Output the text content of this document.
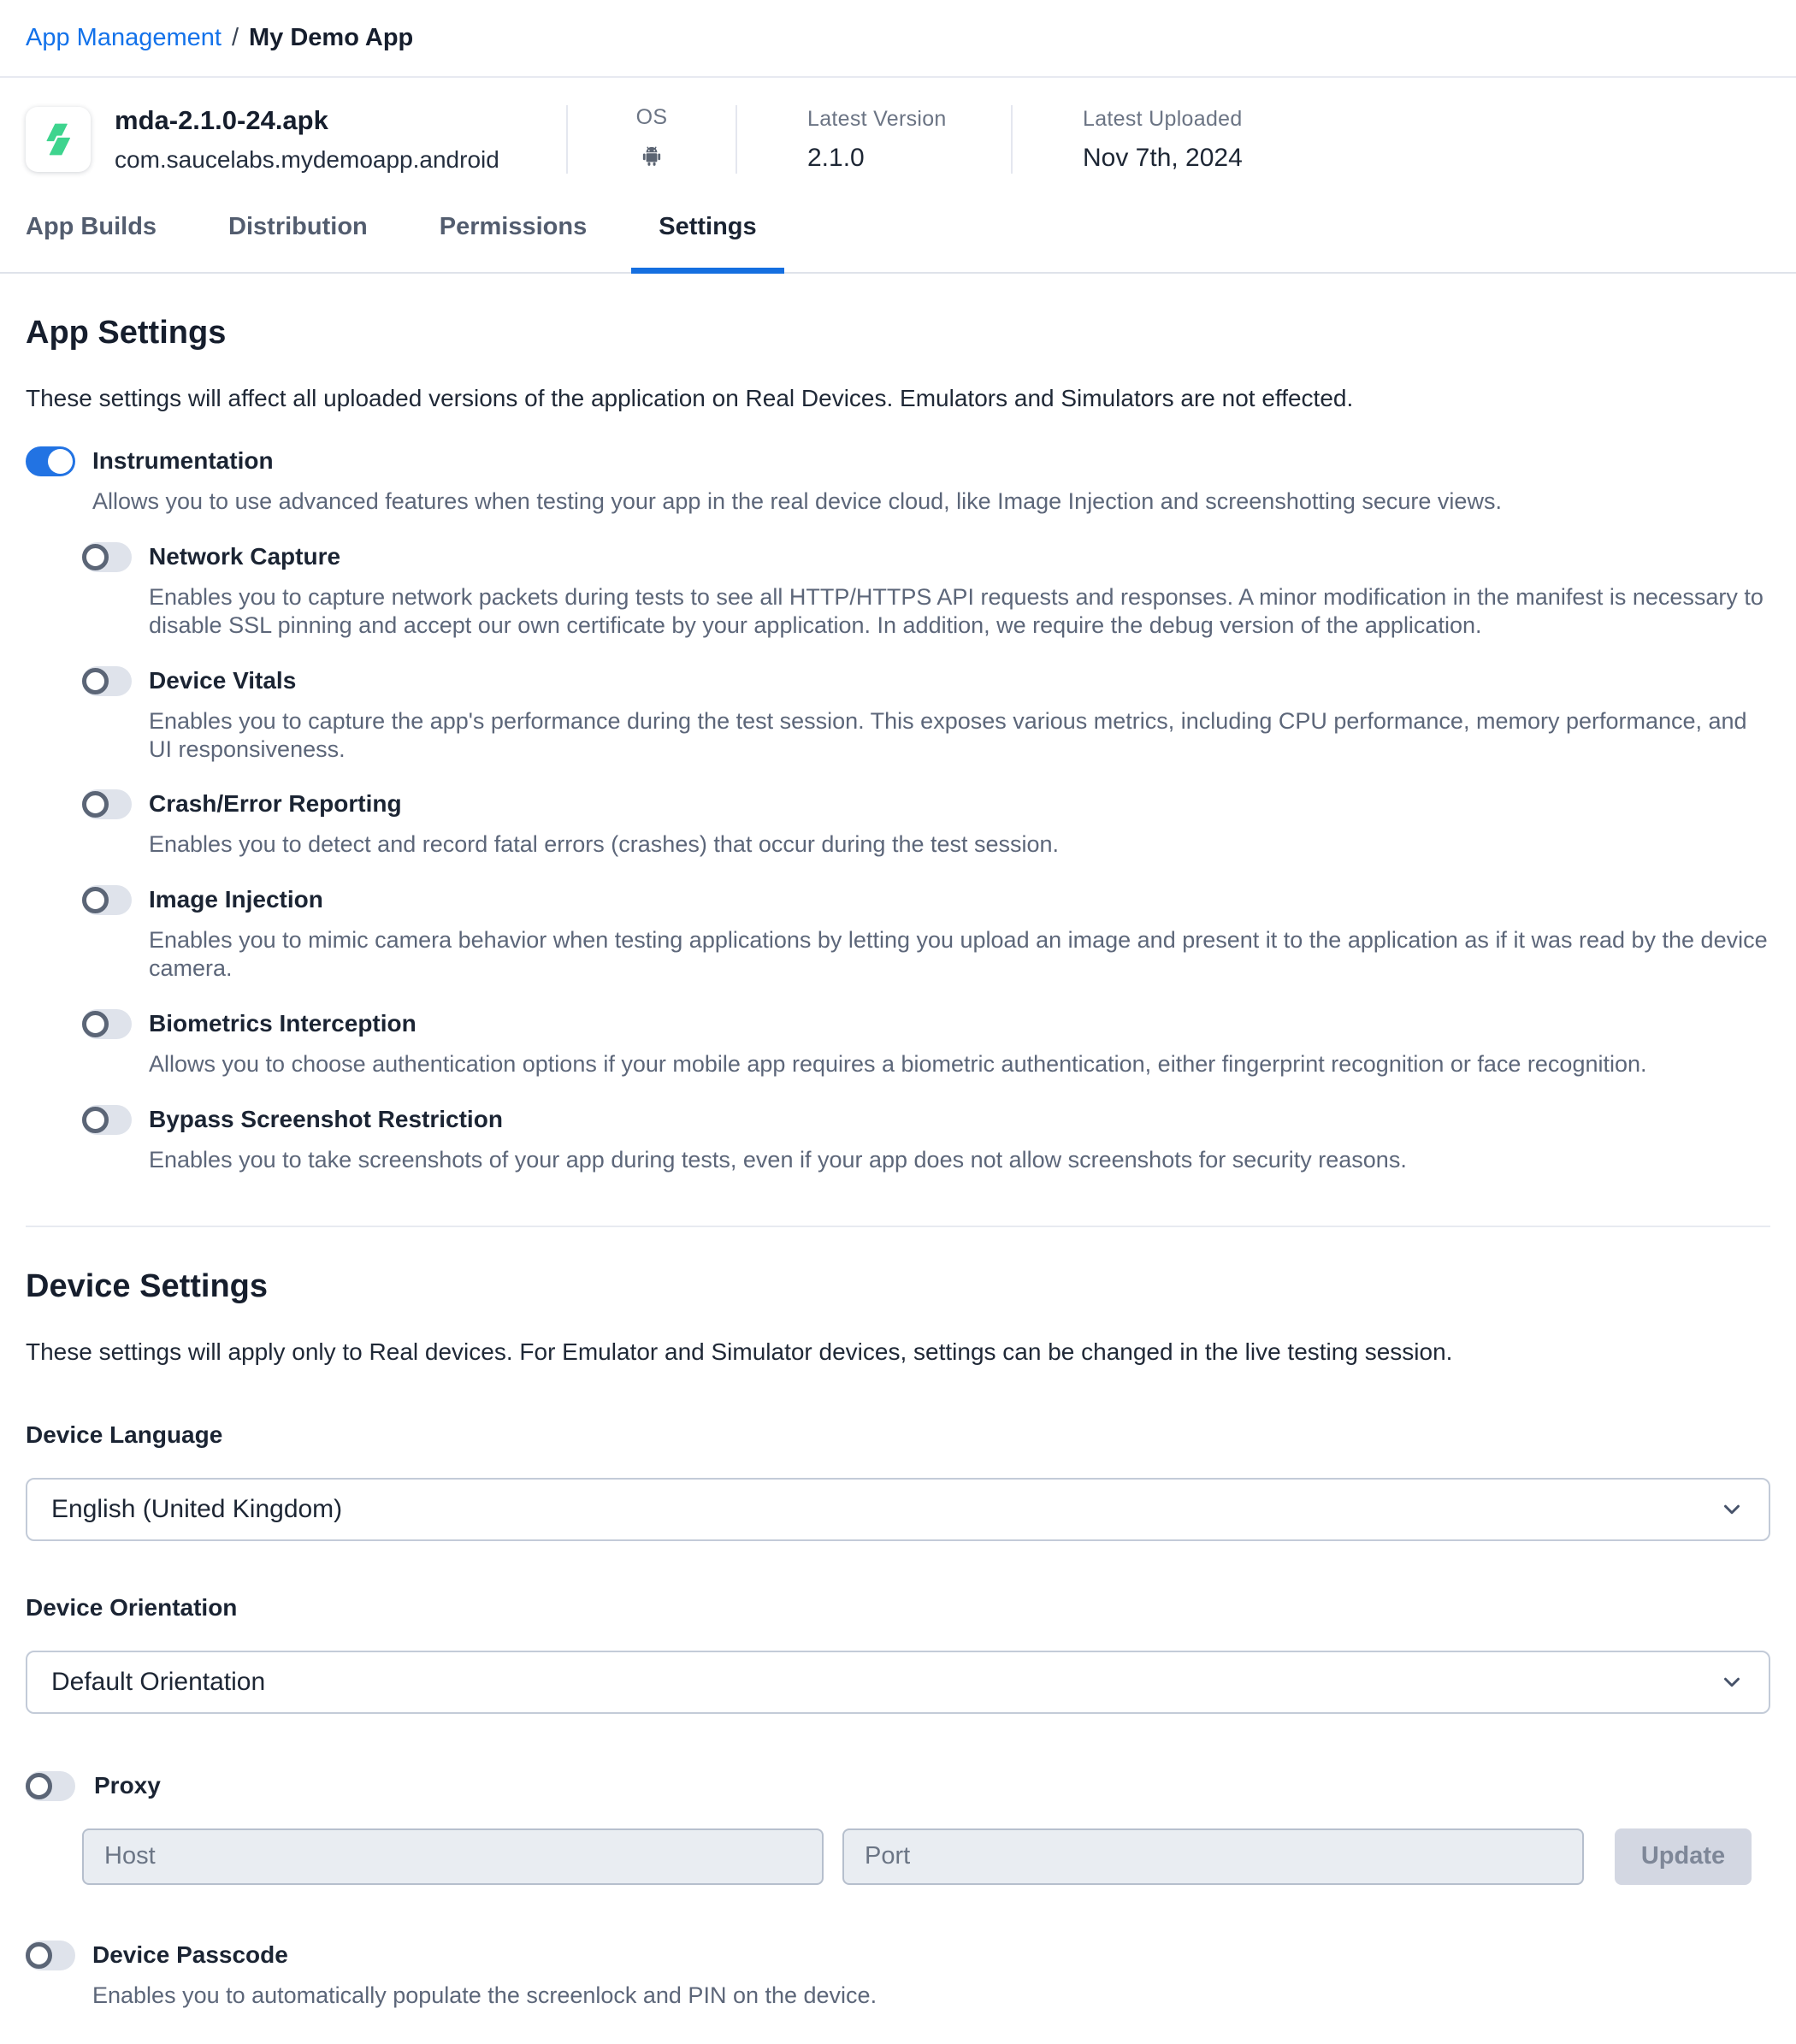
App Management / My Demo App
mda-2.1.0-24.apk
com.saucelabs.mydemoapp.android
OS	Latest Version
2.1.0
Latest Uploaded
Nov 7th, 2024
App Builds	Distribution	Permissions	Settings
App Settings

These settings will affect all uploaded versions of the application on Real Devices. Emulators and Simulators are not effected.

Instrumentation
Allows you to use advanced features when testing your app in the real device cloud, like Image Injection and screenshotting secure views.
Network Capture
Enables you to capture network packets during tests to see all HTTP/HTTPS API requests and responses. A minor modification in the manifest is necessary to disable SSL pinning and accept our own certificate by your application. In addition, we require the debug version of the application.
Device Vitals
Enables you to capture the app's performance during the test session. This exposes various metrics, including CPU performance, memory performance, and UI responsiveness.
Crash/Error Reporting
Enables you to detect and record fatal errors (crashes) that occur during the test session.
Image Injection
Enables you to mimic camera behavior when testing applications by letting you upload an image and present it to the application as if it was read by the device camera.
Biometrics Interception
Allows you to choose authentication options if your mobile app requires a biometric authentication, either fingerprint recognition or face recognition.
Bypass Screenshot Restriction
Enables you to take screenshots of your app during tests, even if your app does not allow screenshots for security reasons.
Device Settings

These settings will apply only to Real devices. For Emulator and Simulator devices, settings can be changed in the live testing session.

Device Language
English (United Kingdom)
Device Orientation
Default Orientation
Proxy
Host
Port
Update
Device Passcode
Enables you to automatically populate the screenlock and PIN on the device.
